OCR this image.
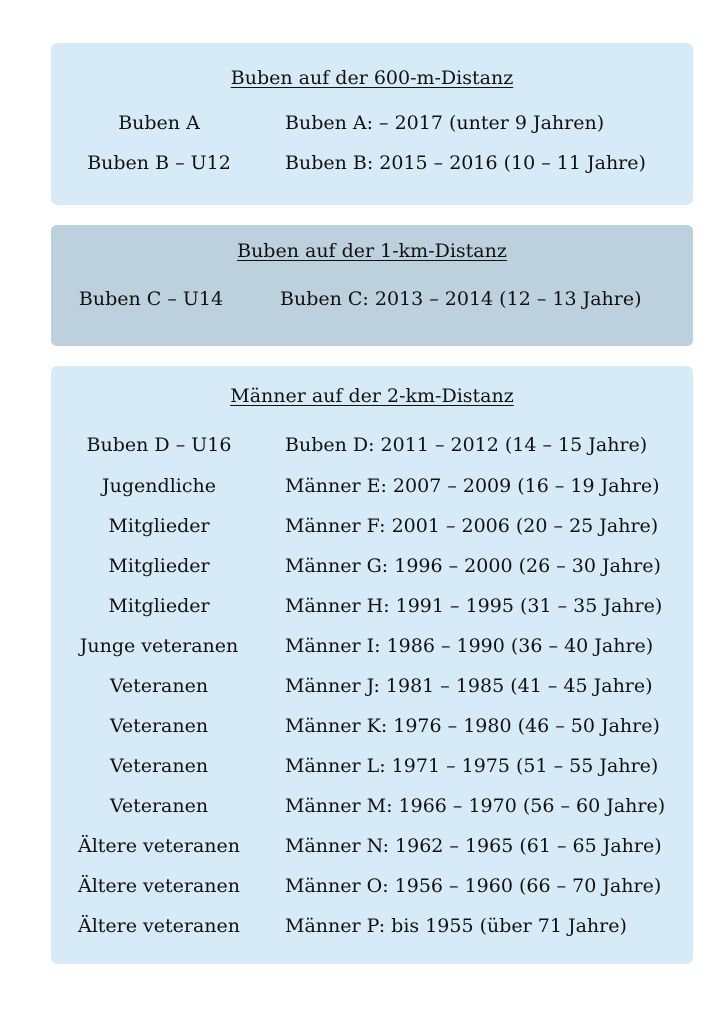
Buben auf der 600-m-Distanz
Buben A	Buben A: – 2017 (unter 9 Jahren)
Buben B – U12	Buben B: 2015 – 2016 (10 – 11 Jahre)
Buben auf der 1-km-Distanz
Buben C – U14	Buben C: 2013 – 2014 (12 – 13 Jahre)
Männer auf der 2-km-Distanz
Buben D – U16	Buben D: 2011 – 2012 (14 – 15 Jahre)
Jugendliche	Männer E: 2007 – 2009 (16 – 19 Jahre)
Mitglieder	Männer F: 2001 – 2006 (20 – 25 Jahre)
Mitglieder	Männer G: 1996 – 2000 (26 – 30 Jahre)
Mitglieder	Männer H: 1991 – 1995 (31 – 35 Jahre)
Junge veteranen	Männer I: 1986 – 1990 (36 – 40 Jahre)
Veteranen	Männer J: 1981 – 1985 (41 – 45 Jahre)
Veteranen	Männer K: 1976 – 1980 (46 – 50 Jahre)
Veteranen	Männer L: 1971 – 1975 (51 – 55 Jahre)
Veteranen	Männer M: 1966 – 1970 (56 – 60 Jahre)
Ältere veteranen	Männer N: 1962 – 1965 (61 – 65 Jahre)
Ältere veteranen	Männer O: 1956 – 1960 (66 – 70 Jahre)
Ältere veteranen	Männer P: bis 1955 (über 71 Jahre)
